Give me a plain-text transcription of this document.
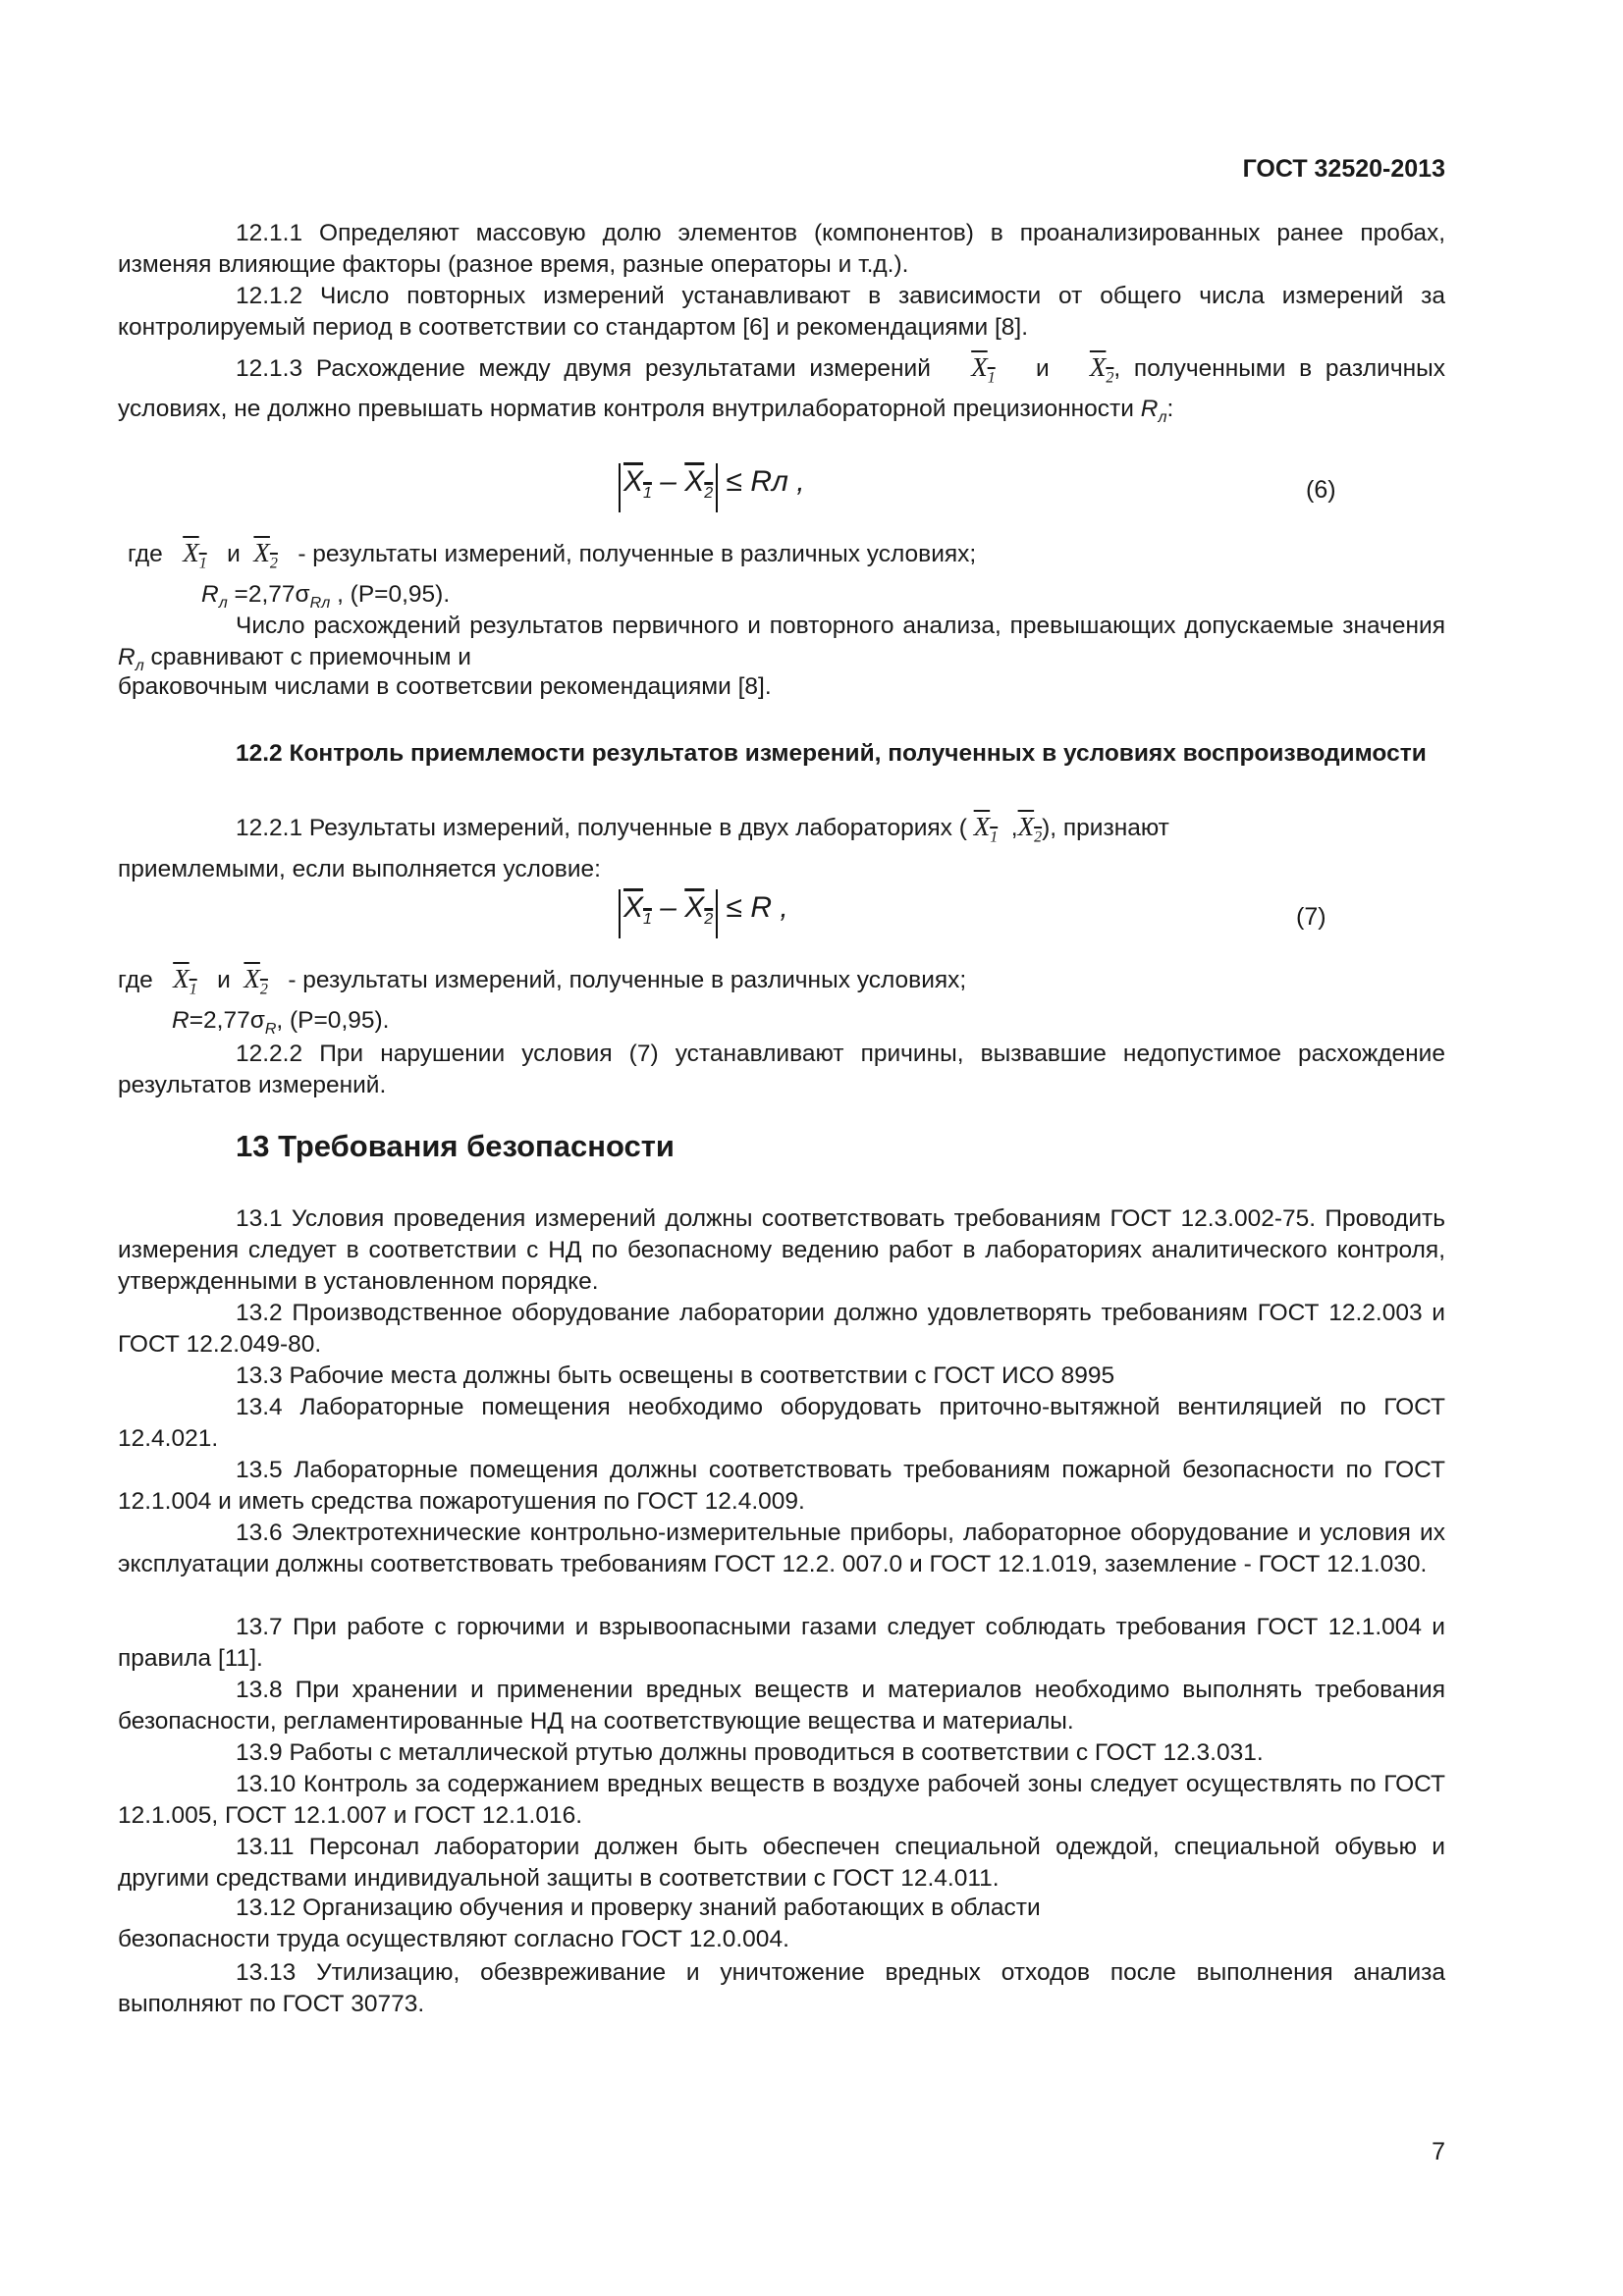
ГОСТ 32520-2013
12.1.1 Определяют массовую долю элементов (компонентов) в проанализированных ранее пробах, изменяя влияющие факторы (разное время, разные операторы и т.д.).
12.1.2 Число повторных измерений устанавливают в зависимости от общего числа измерений за контролируемый период в соответствии со стандартом [6] и рекомендациями [8].
12.1.3 Расхождение между двумя результатами измерений $X_1$ и $X_2$, полученными в различных условиях, не должно превышать норматив контроля внутрилабораторной прецизионности $R_л$:
$X_1 - X_2$ ≤ Rл ,	(6)
где $X_1$ и $X_2$ - результаты измерений, полученные в различных условиях;
$R_л =2,77\sigma_{Rл}$ , (P=0,95).
Число расхождений результатов первичного и повторного анализа, превышающих допускаемые значения $R_л$ сравнивают с приемочным и
браковочным числами в соответсвии рекомендациями [8].
12.2 Контроль приемлемости результатов измерений, полученных в условиях воспроизводимости
12.2.1 Результаты измерений, полученные в двух лабораториях ( $X_1$  $,X_2$), признают
приемлемыми, если выполняется условие:
$X_1 - X_2 \le R$ ,	(7)
где $X_1$ и $X_2$ - результаты измерений, полученные в различных условиях;
$R=2,77\sigma_R$, (P=0,95).
12.2.2 При нарушении условия (7) устанавливают причины, вызвавшие недопустимое расхождение результатов измерений.
13 Требования безопасности
13.1 Условия проведения измерений должны соответствовать требованиям ГОСТ 12.3.002-75. Проводить измерения следует в соответствии с НД по безопасному ведению работ в лабораториях аналитического контроля, утвержденными в установленном порядке.
13.2 Производственное оборудование лаборатории должно удовлетворять требованиям ГОСТ 12.2.003 и ГОСТ 12.2.049-80.
13.3 Рабочие места должны быть освещены в соответствии с ГОСТ ИСО 8995
13.4 Лабораторные помещения необходимо оборудовать приточно-вытяжной вентиляцией по ГОСТ 12.4.021.
13.5 Лабораторные помещения должны соответствовать требованиям пожарной безопасности по ГОСТ 12.1.004 и иметь средства пожаротушения по ГОСТ 12.4.009.
13.6 Электротехнические контрольно-измерительные приборы, лабораторное оборудование и условия их эксплуатации должны соответствовать требованиям ГОСТ 12.2. 007.0 и ГОСТ 12.1.019, заземление - ГОСТ 12.1.030.
13.7 При работе с горючими и взрывоопасными газами следует соблюдать требования ГОСТ 12.1.004 и правила [11].
13.8 При хранении и применении вредных веществ и материалов необходимо выполнять требования безопасности, регламентированные НД на соответствующие вещества и материалы.
13.9 Работы с металлической ртутью должны проводиться в соответствии с ГОСТ 12.3.031.
13.10 Контроль за содержанием вредных веществ в воздухе рабочей зоны следует осуществлять по ГОСТ 12.1.005, ГОСТ 12.1.007 и ГОСТ 12.1.016.
13.11 Персонал лаборатории должен быть обеспечен специальной одеждой, специальной обувью и другими средствами индивидуальной защиты в соответствии с ГОСТ 12.4.011.
13.12 Организацию обучения и проверку знаний работающих в области
безопасности труда осуществляют согласно ГОСТ 12.0.004.
13.13 Утилизацию, обезвреживание и уничтожение вредных отходов после выполнения анализа выполняют по ГОСТ 30773.
7
